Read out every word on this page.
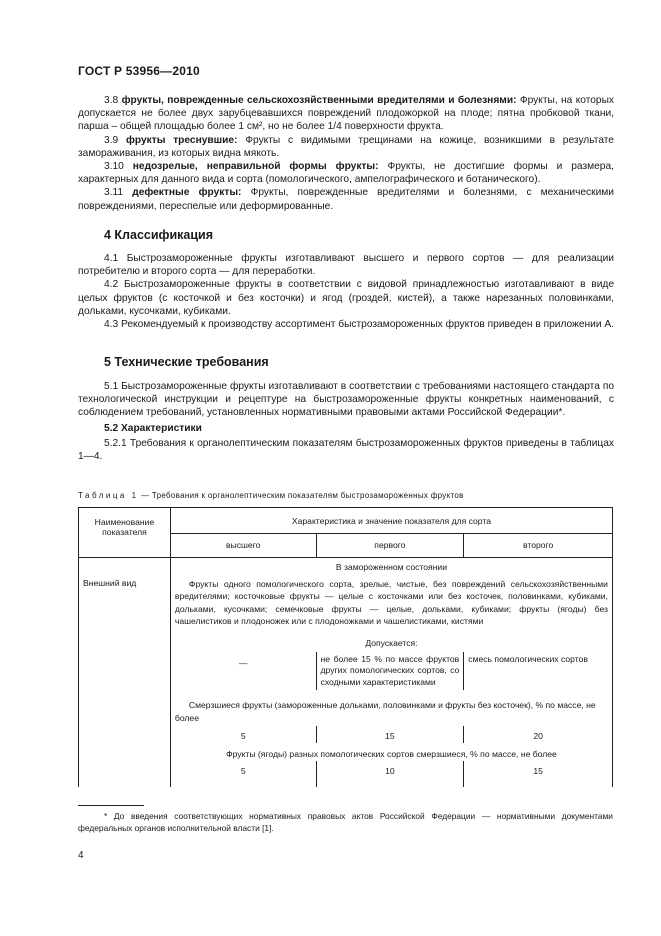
ГОСТ Р 53956—2010

3.8 фрукты, поврежденные сельскохозяйственными вредителями и болезнями: Фрукты, на которых допускается не более двух зарубцевавшихся повреждений плодожоркой на плоде; пятна пробковой ткани, парша – общей площадью более 1 см², но не более 1/4 поверхности фрукта.

3.9 фрукты треснувшие: Фрукты с видимыми трещинами на кожице, возникшими в результате замораживания, из которых видна мякоть.

3.10 недозрелые, неправильной формы фрукты: Фрукты, не достигшие формы и размера, характерных для данного вида и сорта (помологического, ампелографического и ботанического).

3.11 дефектные фрукты: Фрукты, поврежденные вредителями и болезнями, с механическими повреждениями, переспелые или деформированные.

4 Классификация

4.1 Быстрозамороженные фрукты изготавливают высшего и первого сортов — для реализации потребителю и второго сорта — для переработки.

4.2 Быстрозамороженные фрукты в соответствии с видовой принадлежностью изготавливают в виде целых фруктов (с косточкой и без косточки) и ягод (гроздей, кистей), а также нарезанных половинками, дольками, кусочками, кубиками.

4.3 Рекомендуемый к производству ассортимент быстрозамороженных фруктов приведен в приложении А.

5 Технические требования

5.1 Быстрозамороженные фрукты изготавливают в соответствии с требованиями настоящего стандарта по технологической инструкции и рецептуре на быстрозамороженные фрукты конкретных наименований, с соблюдением требований, установленных нормативными правовыми актами Российской Федерации*.

5.2 Характеристики

5.2.1 Требования к органолептическим показателям быстрозамороженных фруктов приведены в таблицах 1—4.

Таблица 1 — Требования к органолептическим показателям быстрозамороженных фруктов
Наименование показателя	Характеристика и значение показателя для сорта		
	высшего	первого	второго
	В замороженном состоянии		
Внешний вид	Фрукты одного помологического сорта, зрелые, чистые, без повреждений сельскохозяйственными вредителями; косточковые фрукты — целые с косточками или без косточек, половинками, кубиками, дольками, кусочками; семечковые фрукты — целые, дольками, кубиками; фрукты (ягоды) без чашелистиков и плодоножек или с плодоножками и чашелистиками, кистями		
	Допускается:		
	—	не более 15 % по массе фруктов других помологических сортов, со сходными характеристиками	смесь помологических сортов
	Смерзшиеся фрукты (замороженные дольками, половинками и фрукты без косточек), % по массе, не более		
	5	15	20
	Фрукты (ягоды) разных помологических сортов смерзшиеся, % по массе, не более		
	5	10	15
* До введения соответствующих нормативных правовых актов Российской Федерации — нормативными документами федеральных органов исполнительной власти [1].
4
